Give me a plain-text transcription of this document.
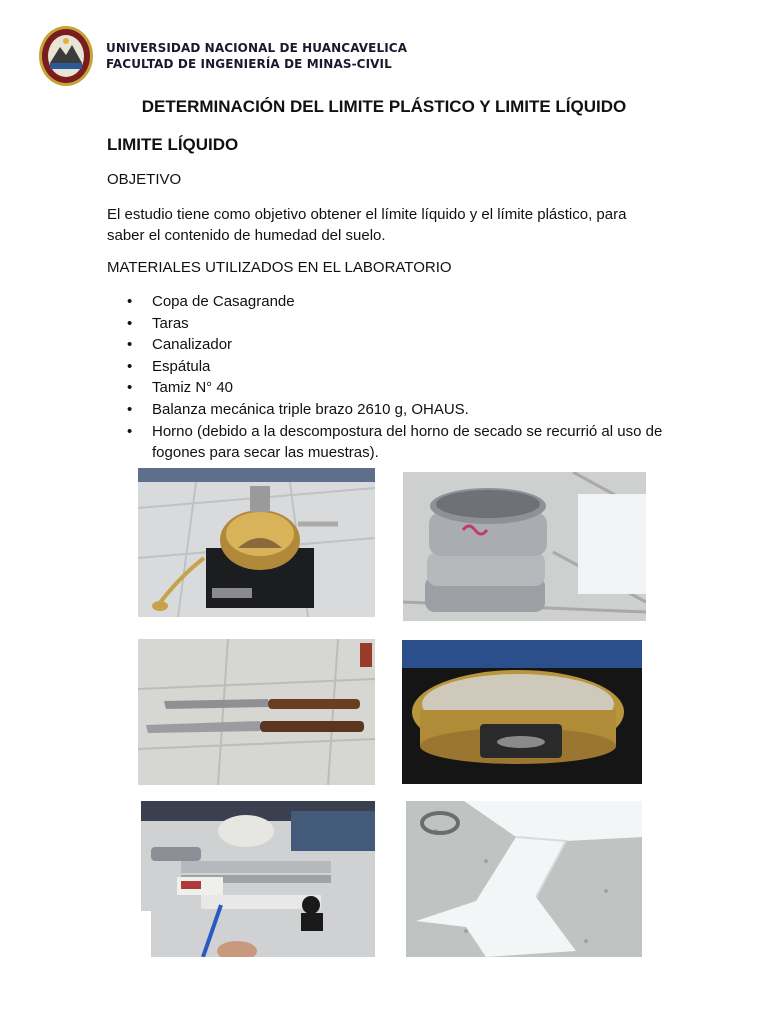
UNIVERSIDAD NACIONAL DE HUANCAVELICA
FACULTAD DE INGENIERÍA DE MINAS-CIVIL
DETERMINACIÓN DEL LIMITE PLÁSTICO Y LIMITE LÍQUIDO
LIMITE LÍQUIDO
OBJETIVO
El estudio tiene como objetivo obtener el límite líquido y el límite plástico, para saber el contenido de humedad del suelo.
MATERIALES UTILIZADOS EN EL LABORATORIO
• Copa de Casagrande
• Taras
• Canalizador
• Espátula
• Tamiz N° 40
• Balanza mecánica triple brazo 2610 g, OHAUS.
• Horno (debido a la descompostura del horno de secado se recurrió al uso de fogones para secar las muestras).
